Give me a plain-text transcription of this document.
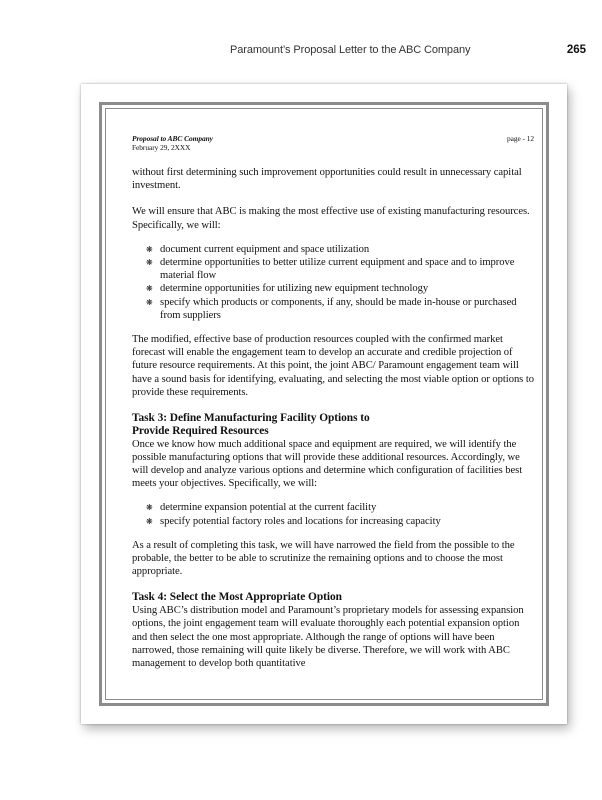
Paramount’s Proposal Letter to the ABC Company	265
Proposal to ABC Company
February 29, 2XXX
page - 12

without first determining such improvement opportunities could result in unnecessary capital investment.

We will ensure that ABC is making the most effective use of existing manufacturing resources. Specifically, we will:

❋ document current equipment and space utilization
❋ determine opportunities to better utilize current equipment and space and to improve material flow
❋ determine opportunities for utilizing new equipment technology
❋ specify which products or components, if any, should be made in-house or purchased from suppliers

The modified, effective base of production resources coupled with the confirmed market forecast will enable the engagement team to develop an accurate and credible projection of future resource requirements. At this point, the joint ABC/ Paramount engagement team will have a sound basis for identifying, evaluating, and selecting the most viable option or options to provide these requirements.

Task 3: Define Manufacturing Facility Options to
Provide Required Resources

Once we know how much additional space and equipment are required, we will identify the possible manufacturing options that will provide these additional resources. Accordingly, we will develop and analyze various options and determine which configuration of facilities best meets your objectives. Specifically, we will:

❋ determine expansion potential at the current facility
❋ specify potential factory roles and locations for increasing capacity

As a result of completing this task, we will have narrowed the field from the possible to the probable, the better to be able to scrutinize the remaining options and to choose the most appropriate.

Task 4: Select the Most Appropriate Option

Using ABC’s distribution model and Paramount’s proprietary models for assessing expansion options, the joint engagement team will evaluate thoroughly each potential expansion option and then select the one most appropriate. Although the range of options will have been narrowed, those remaining will quite likely be diverse. Therefore, we will work with ABC management to develop both quantitative
